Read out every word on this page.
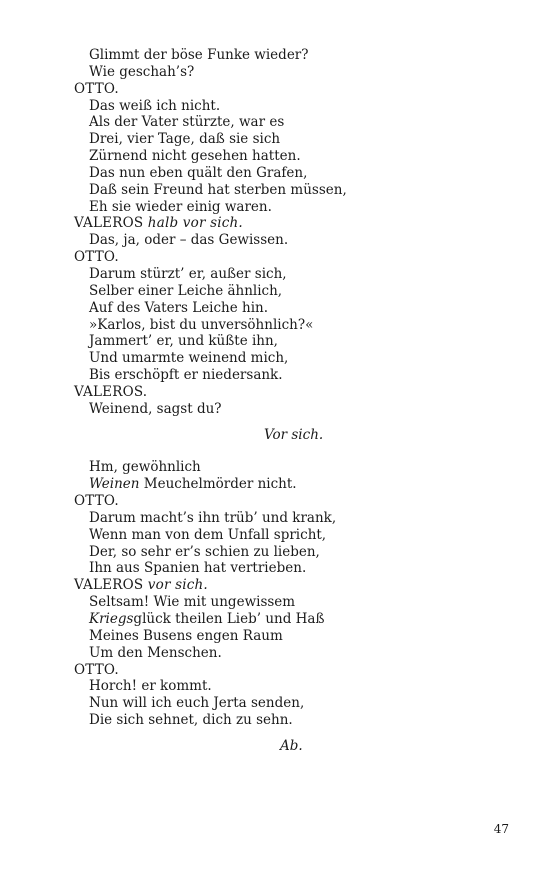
Glimmt der böse Funke wieder?
Wie geschah’s?
OTTO.
Das weiß ich nicht.
Als der Vater stürzte, war es
Drei, vier Tage, daß sie sich
Zürnend nicht gesehen hatten.
Das nun eben quält den Grafen,
Daß sein Freund hat sterben müssen,
Eh sie wieder einig waren.
VALEROS halb vor sich.
Das, ja, oder – das Gewissen.
OTTO.
Darum stürzt’ er, außer sich,
Selber einer Leiche ähnlich,
Auf des Vaters Leiche hin.
»Karlos, bist du unversöhnlich?«
Jammert’ er, und küßte ihn,
Und umarmte weinend mich,
Bis erschöpft er niedersank.
VALEROS.
Weinend, sagst du?
Vor sich.
Hm, gewöhnlich
Weinen Meuchelmörder nicht.
OTTO.
Darum macht’s ihn trüb’ und krank,
Wenn man von dem Unfall spricht,
Der, so sehr er’s schien zu lieben,
Ihn aus Spanien hat vertrieben.
VALEROS vor sich.
Seltsam! Wie mit ungewissem
Kriegsglück theilen Lieb’ und Haß
Meines Busens engen Raum
Um den Menschen.
OTTO.
Horch! er kommt.
Nun will ich euch Jerta senden,
Die sich sehnet, dich zu sehn.
Ab.
47
